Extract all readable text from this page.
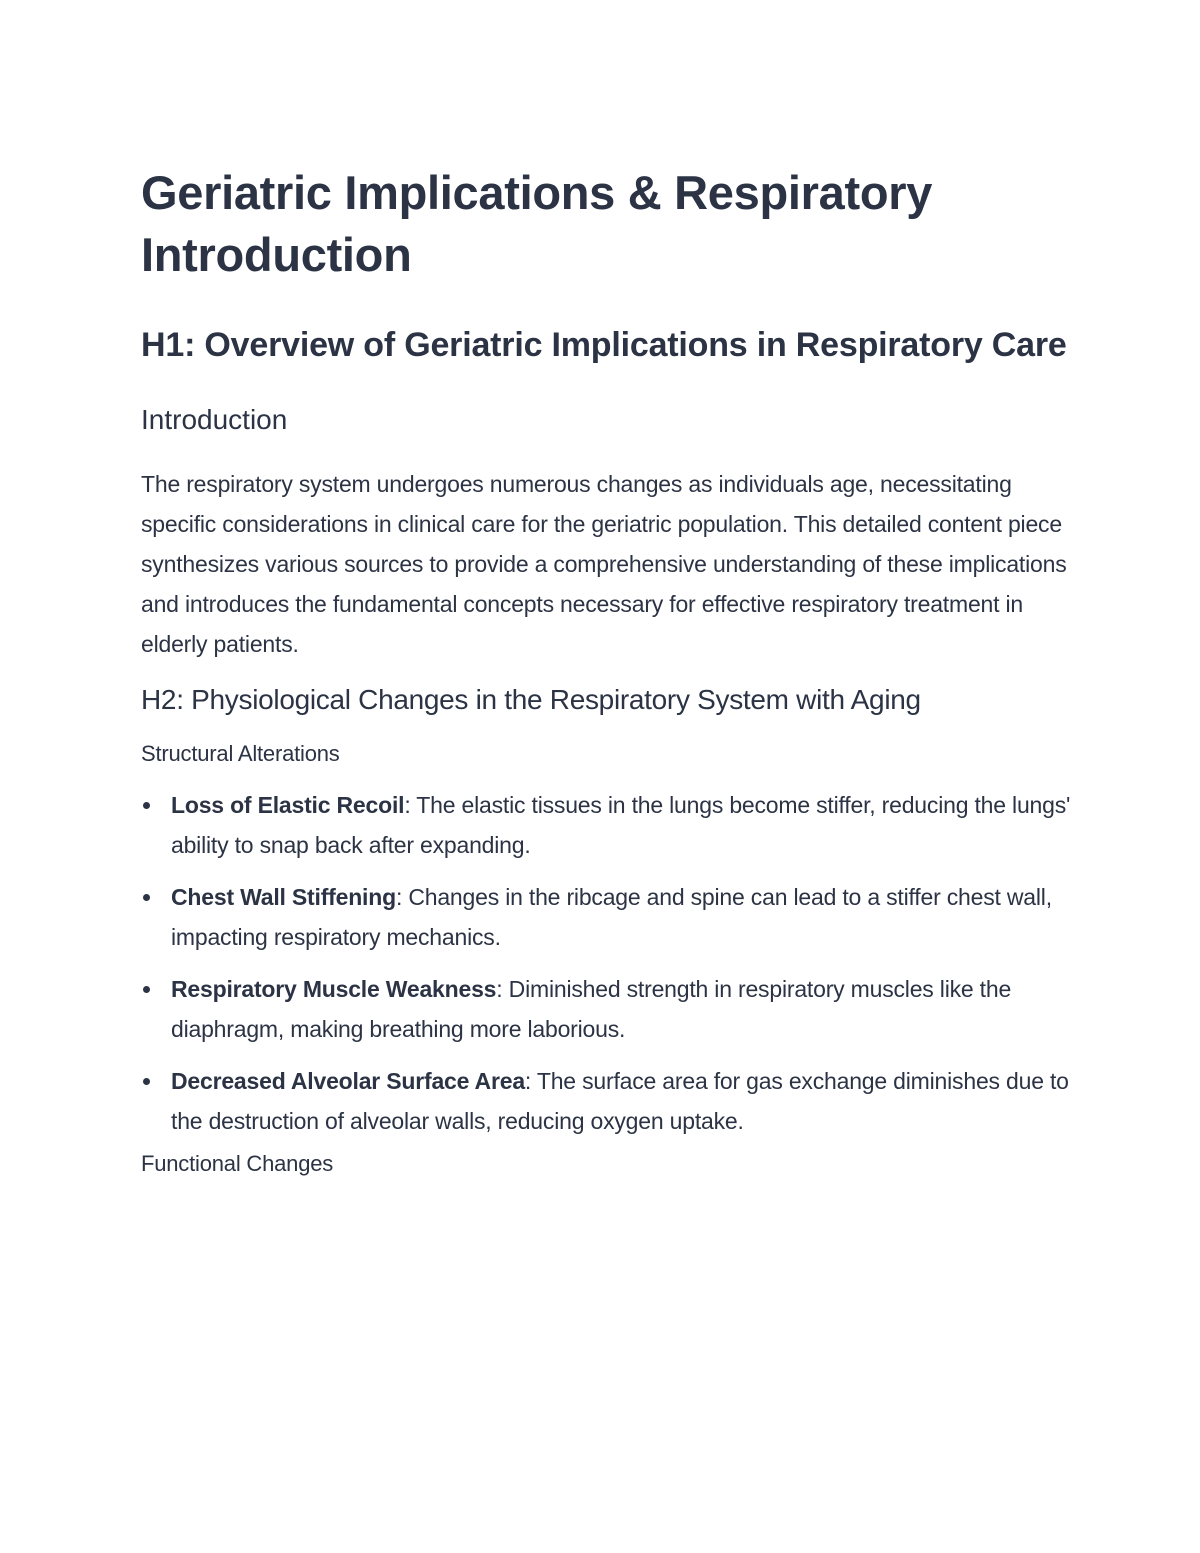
Geriatric Implications & Respiratory Introduction
H1: Overview of Geriatric Implications in Respiratory Care
Introduction

The respiratory system undergoes numerous changes as individuals age, necessitating specific considerations in clinical care for the geriatric population. This detailed content piece synthesizes various sources to provide a comprehensive understanding of these implications and introduces the fundamental concepts necessary for effective respiratory treatment in elderly patients.

H2: Physiological Changes in the Respiratory System with Aging
Structural Alterations
Loss of Elastic Recoil: The elastic tissues in the lungs become stiffer, reducing the lungs' ability to snap back after expanding.
Chest Wall Stiffening: Changes in the ribcage and spine can lead to a stiffer chest wall, impacting respiratory mechanics.
Respiratory Muscle Weakness: Diminished strength in respiratory muscles like the diaphragm, making breathing more laborious.
Decreased Alveolar Surface Area: The surface area for gas exchange diminishes due to the destruction of alveolar walls, reducing oxygen uptake.
Functional Changes
